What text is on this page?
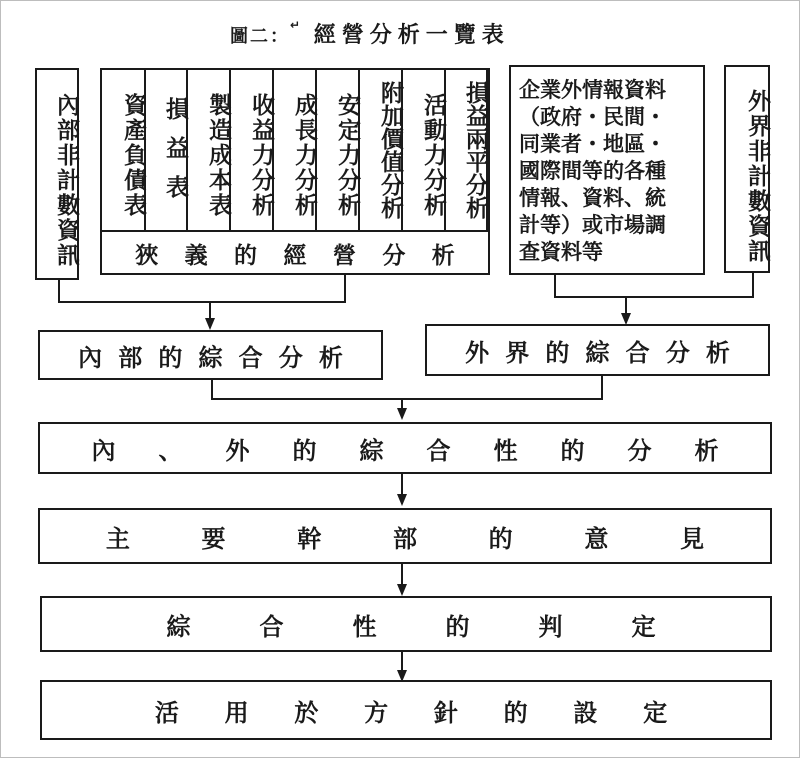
圖二：↵ 經營分析一覽表
內部非計數資訊 資產負債表 損益表 製造成本表 收益力分析 成長力分析 安定力分析 附加價值分析 活動力分析 損益兩平分析
狹 義 的 經 營 分 析
企業外情報資料
（政府・民間・
同業者・地區・
國際間等的各種
情報、資料、統
計等）或市場調
查資料等	外界非計數資訊
內 部 的 綜 合 分 析	外 界 的 綜 合 分 析
內 、 外 的 綜 合 性 的 分 析
主	要	幹	部	的	意	見
綜	合	性	的	判	定
活 用 於 方 針 的 設 定
